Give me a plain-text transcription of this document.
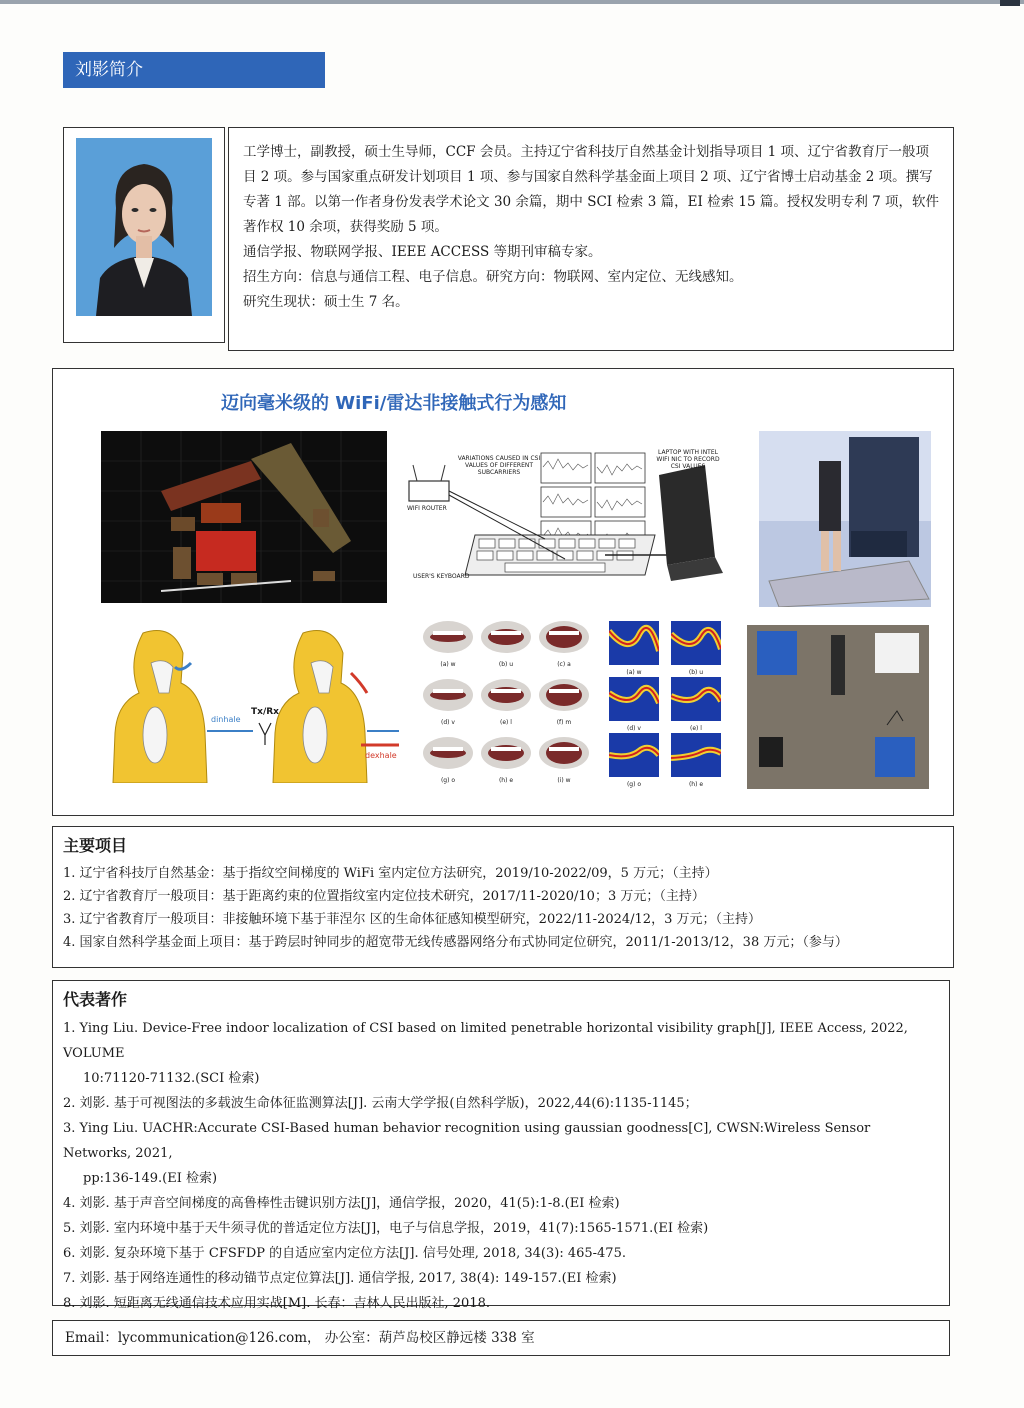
刘影简介

工学博士，副教授，硕士生导师，CCF 会员。主持辽宁省科技厅自然基金计划指导项目 1 项、辽宁省教育厅一般项目 2 项。参与国家重点研发计划项目 1 项、参与国家自然科学基金面上项目 2 项、辽宁省博士启动基金 2 项。撰写专著 1 部。以第一作者身份发表学术论文 30 余篇，期中 SCI 检索 3 篇，EI 检索 15 篇。授权发明专利 7 项，软件著作权 10 余项，获得奖励 5 项。

通信学报、物联网学报、IEEE ACCESS 等期刊审稿专家。

招生方向：信息与通信工程、电子信息。研究方向：物联网、室内定位、无线感知。

研究生现状：硕士生 7 名。

迈向毫米级的 WiFi/雷达非接触式行为感知
VARIATIONS CAUSED IN CSI VALUES OF DIFFERENT SUBCARRIERS
LAPTOP WITH INTEL WIFI NIC TO RECORD CSI VALUES
WIFI ROUTER
USER'S KEYBOARD
Tx/Rx
dinhale
dexhale
(a) w	(b) u	(c) a
(d) v	(e) l	(f) m
(g) o	(h) e	(i) w
(a) w	(b) u
(d) v	(e) l
(g) o	(h) e
主要项目
1. 辽宁省科技厅自然基金：基于指纹空间梯度的 WiFi 室内定位方法研究，2019/10-2022/09，5 万元；（主持）
2. 辽宁省教育厅一般项目：基于距离约束的位置指纹室内定位技术研究，2017/11-2020/10；3 万元；（主持）
3. 辽宁省教育厅一般项目：非接触环境下基于菲涅尔 区的生命体征感知模型研究，2022/11-2024/12，3 万元；（主持）
4. 国家自然科学基金面上项目：基于跨层时钟同步的超宽带无线传感器网络分布式协同定位研究，2011/1-2013/12，38 万元；（参与）
代表著作
1. Ying Liu. Device-Free indoor localization of CSI based on limited penetrable horizontal visibility graph[J], IEEE Access, 2022, VOLUME
10:71120-71132.(SCI 检索)
2. 刘影. 基于可视图法的多载波生命体征监测算法[J]. 云南大学学报(自然科学版)，2022,44(6):1135-1145；
3. Ying Liu. UACHR:Accurate CSI-Based human behavior recognition using gaussian goodness[C], CWSN:Wireless Sensor Networks, 2021,
pp:136-149.(EI 检索)
4. 刘影. 基于声音空间梯度的高鲁棒性击键识别方法[J]，通信学报，2020，41(5):1-8.(EI 检索)
5. 刘影. 室内环境中基于天牛须寻优的普适定位方法[J]，电子与信息学报，2019，41(7):1565-1571.(EI 检索)
6. 刘影. 复杂环境下基于 CFSFDP 的自适应室内定位方法[J]. 信号处理, 2018, 34(3): 465-475.
7. 刘影. 基于网络连通性的移动锚节点定位算法[J]. 通信学报, 2017, 38(4): 149-157.(EI 检索)
8. 刘影. 短距离无线通信技术应用实战[M]. 长春：吉林人民出版社, 2018.
Email：lycommunication@126.com， 办公室：葫芦岛校区静远楼 338 室
